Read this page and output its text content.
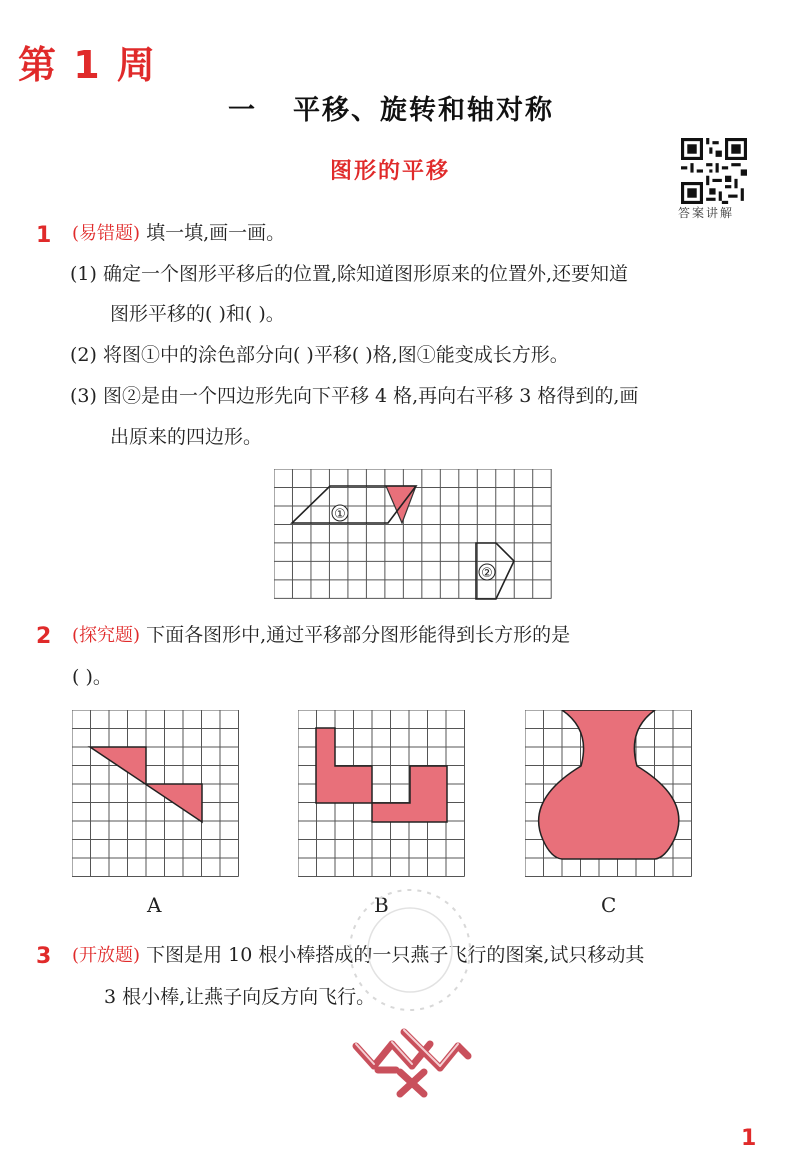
第 1 周
一 平移、旋转和轴对称
图形的平移
答案讲解
1 (易错题) 填一填,画一画。
(1) 确定一个图形平移后的位置,除知道图形原来的位置外,还要知道
图形平移的( )和( )。
(2) 将图①中的涂色部分向( )平移( )格,图①能变成长方形。
(3) 图②是由一个四边形先向下平移 4 格,再向右平移 3 格得到的,画
出原来的四边形。
①
②
2 (探究题) 下面各图形中,通过平移部分图形能得到长方形的是
( )。
A	B	C
3 (开放题) 下图是用 10 根小棒搭成的一只燕子飞行的图案,试只移动其
3 根小棒,让燕子向反方向飞行。
1
